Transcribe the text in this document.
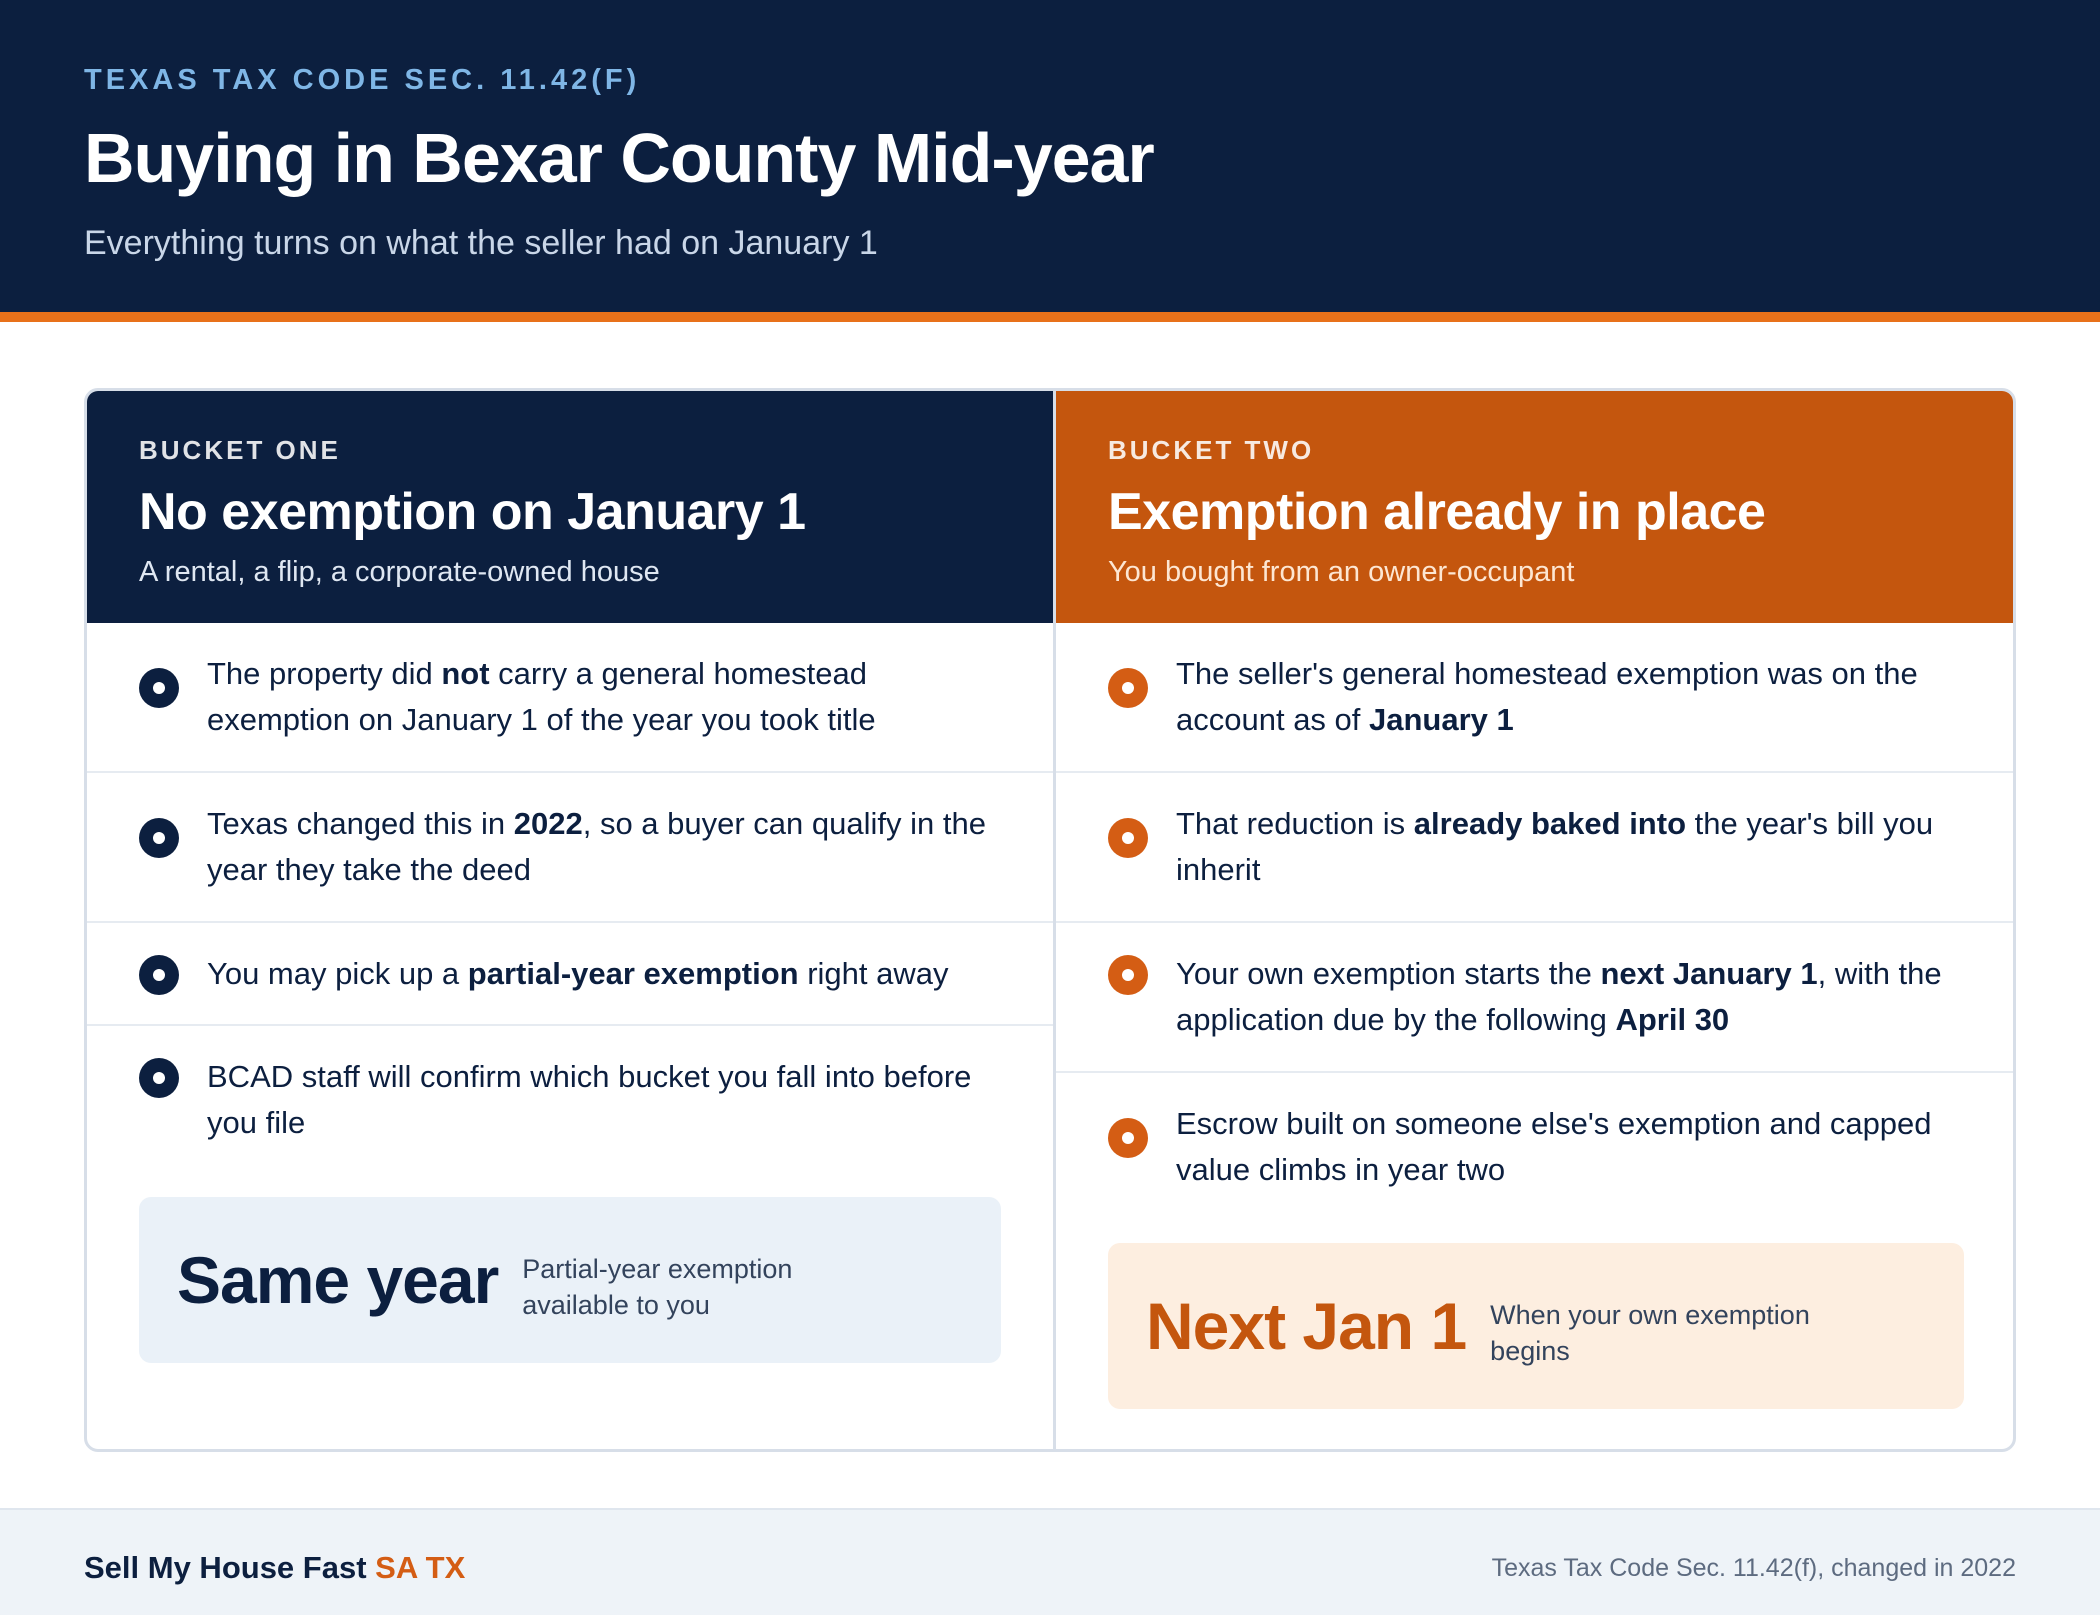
TEXAS TAX CODE SEC. 11.42(F)
Buying in Bexar County Mid-year
Everything turns on what the seller had on January 1
BUCKET ONE
No exemption on January 1
A rental, a flip, a corporate-owned house
The property did not carry a general homestead exemption on January 1 of the year you took title
Texas changed this in 2022, so a buyer can qualify in the year they take the deed
You may pick up a partial-year exemption right away
BCAD staff will confirm which bucket you fall into before you file
Same year Partial-year exemption available to you
BUCKET TWO
Exemption already in place
You bought from an owner-occupant
The seller's general homestead exemption was on the account as of January 1
That reduction is already baked into the year's bill you inherit
Your own exemption starts the next January 1, with the application due by the following April 30
Escrow built on someone else's exemption and capped value climbs in year two
Next Jan 1 When your own exemption begins
Sell My House Fast SA TX	Texas Tax Code Sec. 11.42(f), changed in 2022
